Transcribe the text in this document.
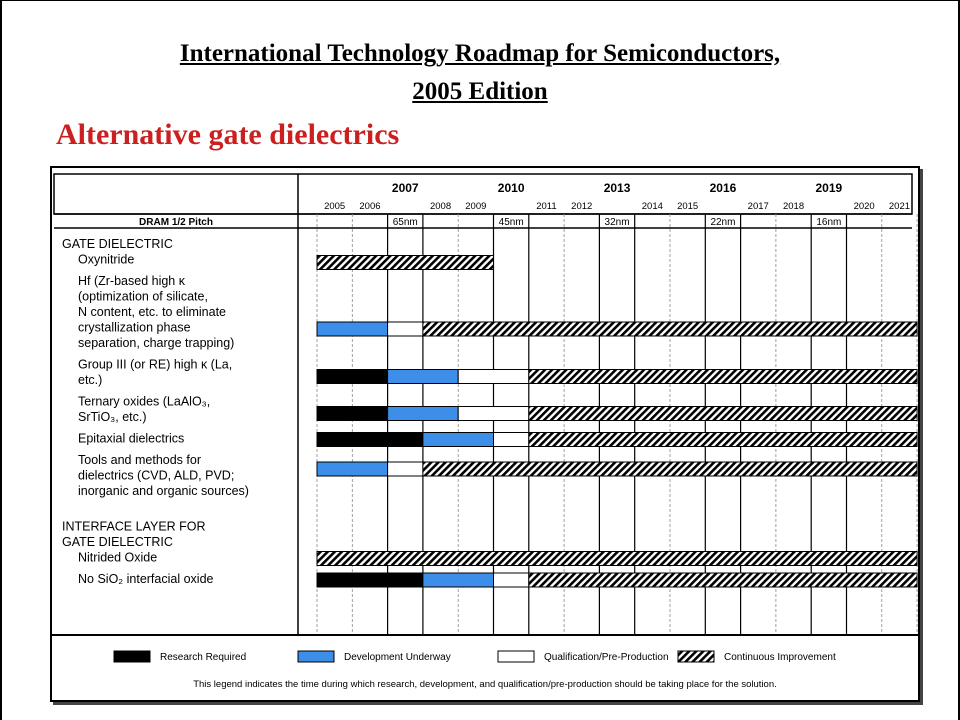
International Technology Roadmap for Semiconductors,
2005 Edition
Alternative gate dielectrics
2007	2010	2013	2016	2019
2005 2006	2008 2009	2011 2012	2014 2015	2017 2018	2020 2021
DRAM 1/2 Pitch	65nm	45nm	32nm	22nm	16nm
GATE DIELECTRIC
Oxynitride
Hf (Zr-based high κ
(optimization of silicate,
N content, etc. to eliminate
crystallization phase
separation, charge trapping)
Group III (or RE) high κ (La,
etc.)
Ternary oxides (LaAlO₃,
SrTiO₃, etc.)
Epitaxial dielectrics
Tools and methods for
dielectrics (CVD, ALD, PVD;
inorganic and organic sources)
INTERFACE LAYER FOR
GATE DIELECTRIC
Nitrided Oxide
No SiO₂ interfacial oxide
Research Required	Development Underway	Qualification/Pre-Production	Continuous Improvement
This legend indicates the time during which research, development, and qualification/pre-production should be taking place for the solution.
